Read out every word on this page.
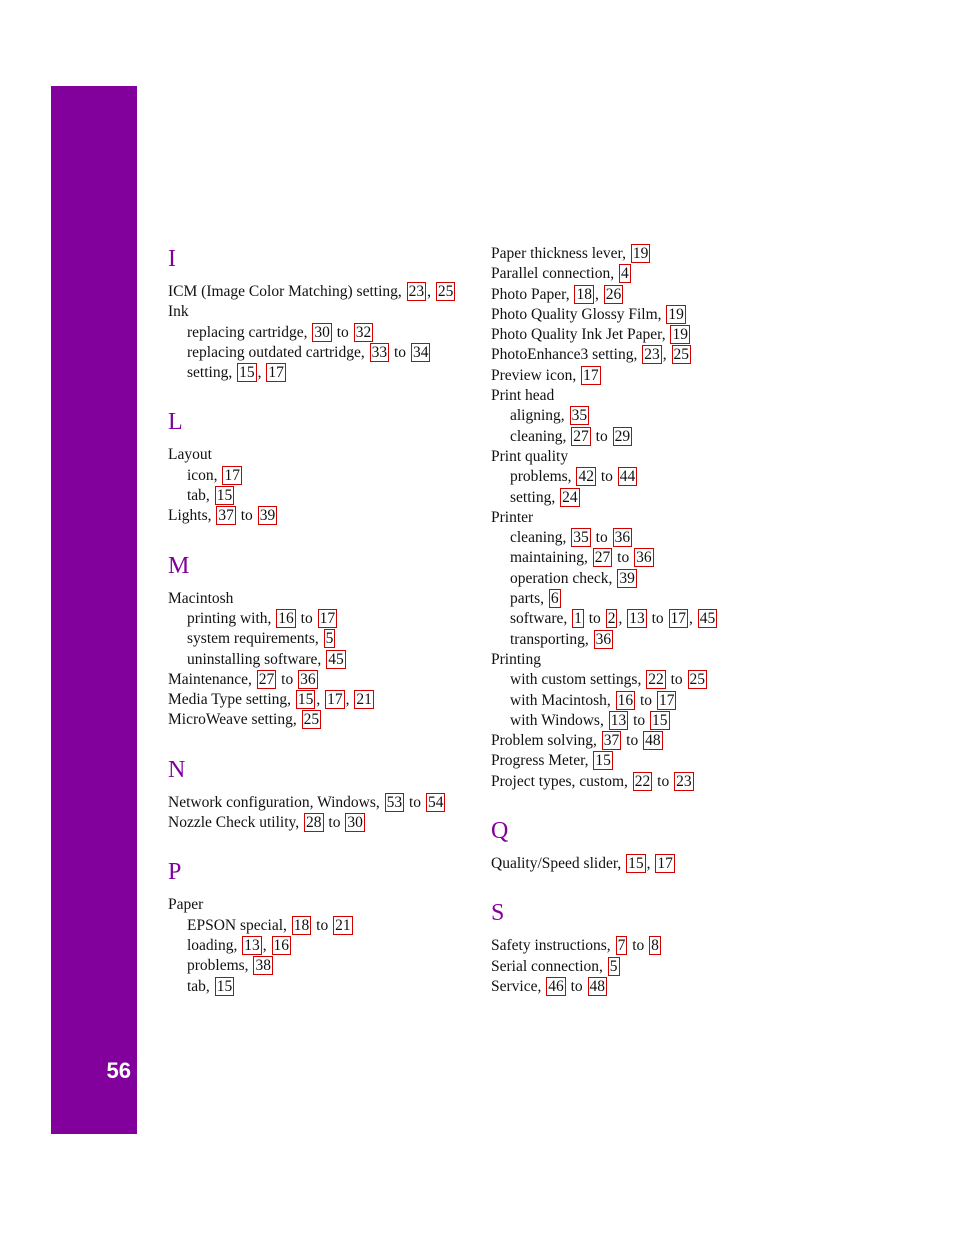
56
I
ICM (Image Color Matching) setting, 23 , 25
Ink
replacing cartridge, 30 to 32
replacing outdated cartridge, 33 to 34
setting, 15 , 17
L
Layout
icon, 17
tab, 15
Lights, 37 to 39
M
Macintosh
printing with, 16 to 17
system requirements, 5
uninstalling software, 45
Maintenance, 27 to 36
Media Type setting, 15 , 17 , 21
MicroWeave setting, 25
N
Network configuration, Windows, 53 to 54
Nozzle Check utility, 28 to 30
P
Paper
EPSON special, 18 to 21
loading, 13 , 16
problems, 38
tab, 15
Paper thickness lever, 19
Parallel connection, 4
Photo Paper, 18 , 26
Photo Quality Glossy Film, 19
Photo Quality Ink Jet Paper, 19
PhotoEnhance3 setting, 23 , 25
Preview icon, 17
Print head
aligning, 35
cleaning, 27 to 29
Print quality
problems, 42 to 44
setting, 24
Printer
cleaning, 35 to 36
maintaining, 27 to 36
operation check, 39
parts, 6
software, 1 to 2 , 13 to 17 , 45
transporting, 36
Printing
with custom settings, 22 to 25
with Macintosh, 16 to 17
with Windows, 13 to 15
Problem solving, 37 to 48
Progress Meter, 15
Project types, custom, 22 to 23
Q
Quality/Speed slider, 15 , 17
S
Safety instructions, 7 to 8
Serial connection, 5
Service, 46 to 48
